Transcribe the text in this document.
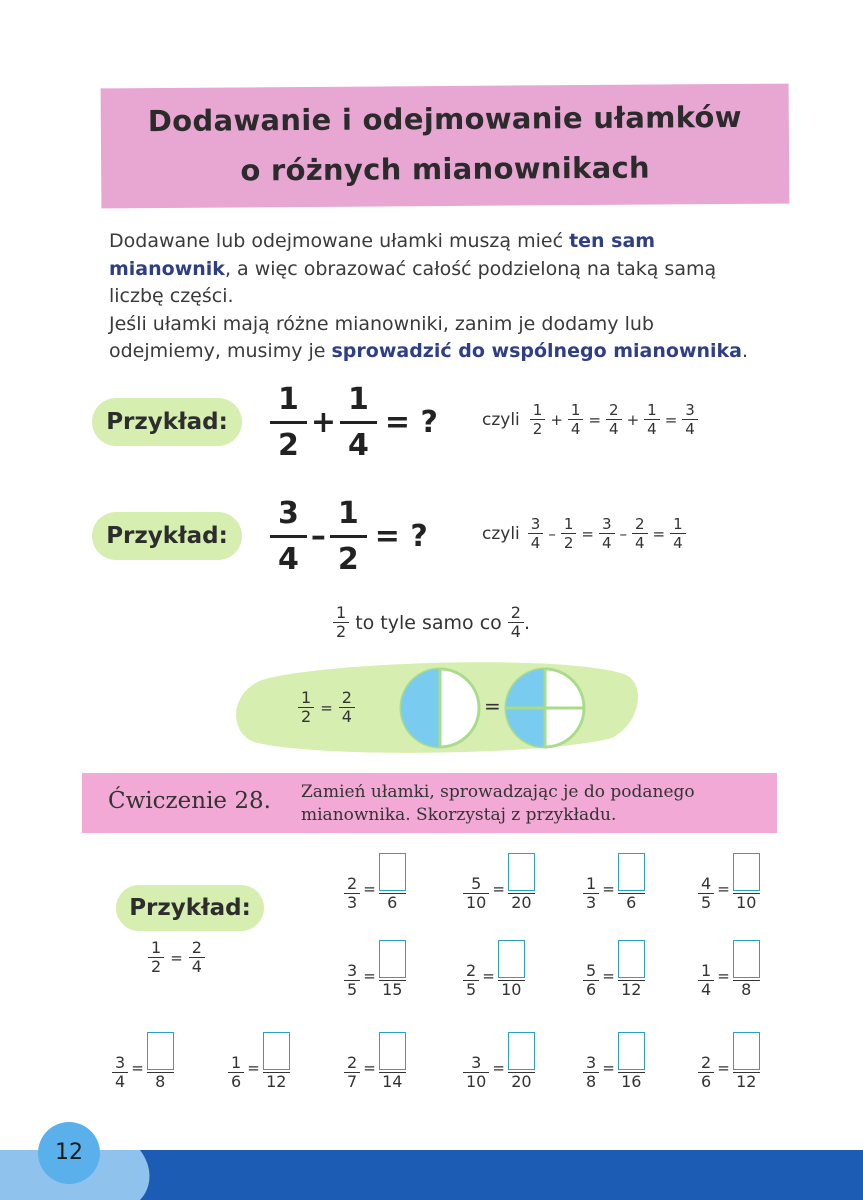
Dodawanie i odejmowanie ułamków
o różnych mianownikach
Dodawane lub odejmowane ułamki muszą mieć ten sam mianownik, a więc obrazować całość podzieloną na taką samą liczbę części.
Jeśli ułamki mają różne mianowniki, zanim je dodamy lub odejmiemy, musimy je sprowadzić do wspólnego mianownika.
Przykład:
1
2
+
1
4
= ?	czyli 1
2
+
1
4
=
2
4
+
1
4
=
3
4
Przykład:
3
4
–
1
2
= ?	czyli 3
4
–
1
2
=
3
4
–
2
4
=
1
4
1
2 to tyle samo co 2
4 .
1
2 =
2
4	=
Ćwiczenie 28. Zamień ułamki, sprowadzając je do podanego
mianownika. Skorzystaj z przykładu.
Przykład:
1
2 =
2
4
2
3
=
6
5
10
=
20
1
3
=
6
4
5
=
10
3
5
=
15
2
5
=
10
5
6
=
12
1
4
=
8
3
4
=
8
1
6
=
12
2
7
=
14
3
10
=
20
3
8
=
16
2
6
=
12
12
